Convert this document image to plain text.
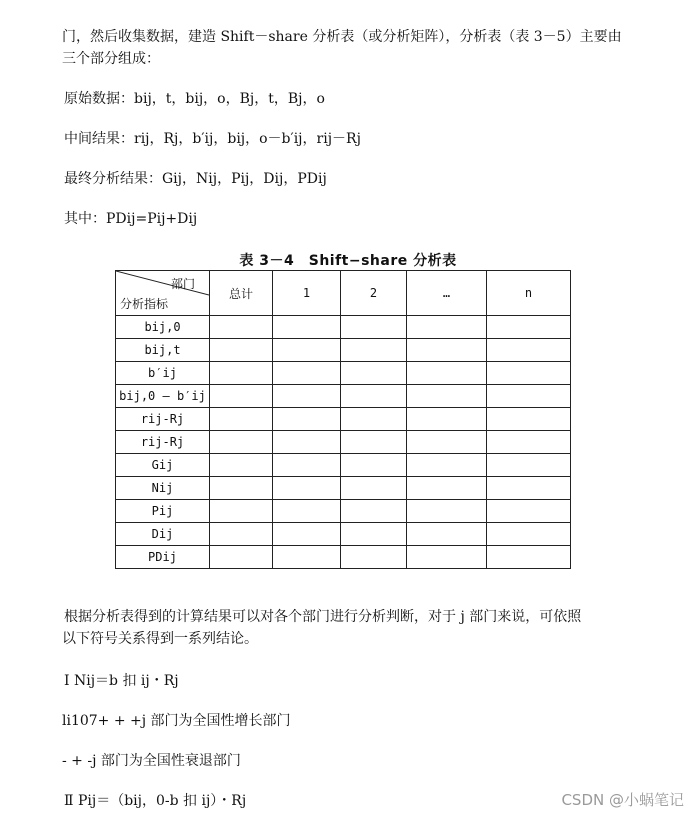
门，然后收集数据，建造 Shift－share 分析表（或分析矩阵），分析表（表 3－5）主要由
三个部分组成：
原始数据：bij，t，bij，o，Bj，t，Bj，o
中间结果：rij，Rj，b′ij，bij，o－b′ij，rij－Rj
最终分析结果：Gij，Nij，Pij，Dij，PDij
其中：PDij=Pij+Dij
表 3－4　Shift−share 分析表
部门
分析指标	总计	1	2	…	n
bij,0					
bij,t					
b′ij					
bij,0 — b′ij					
rij-Rj					
rij-Rj					
Gij					
Nij					
Pij					
Dij					
PDij					
根据分析表得到的计算结果可以对各个部门进行分析判断，对于 j 部门来说，可依照
以下符号关系得到一系列结论。
Ⅰ Nij＝b 扣 ij・Rj
li107+ + +j 部门为全国性增长部门
- + -j 部门为全国性衰退部门
Ⅱ Pij＝（bij，0-b 扣 ij）・Rj	CSDN @小蜗笔记
